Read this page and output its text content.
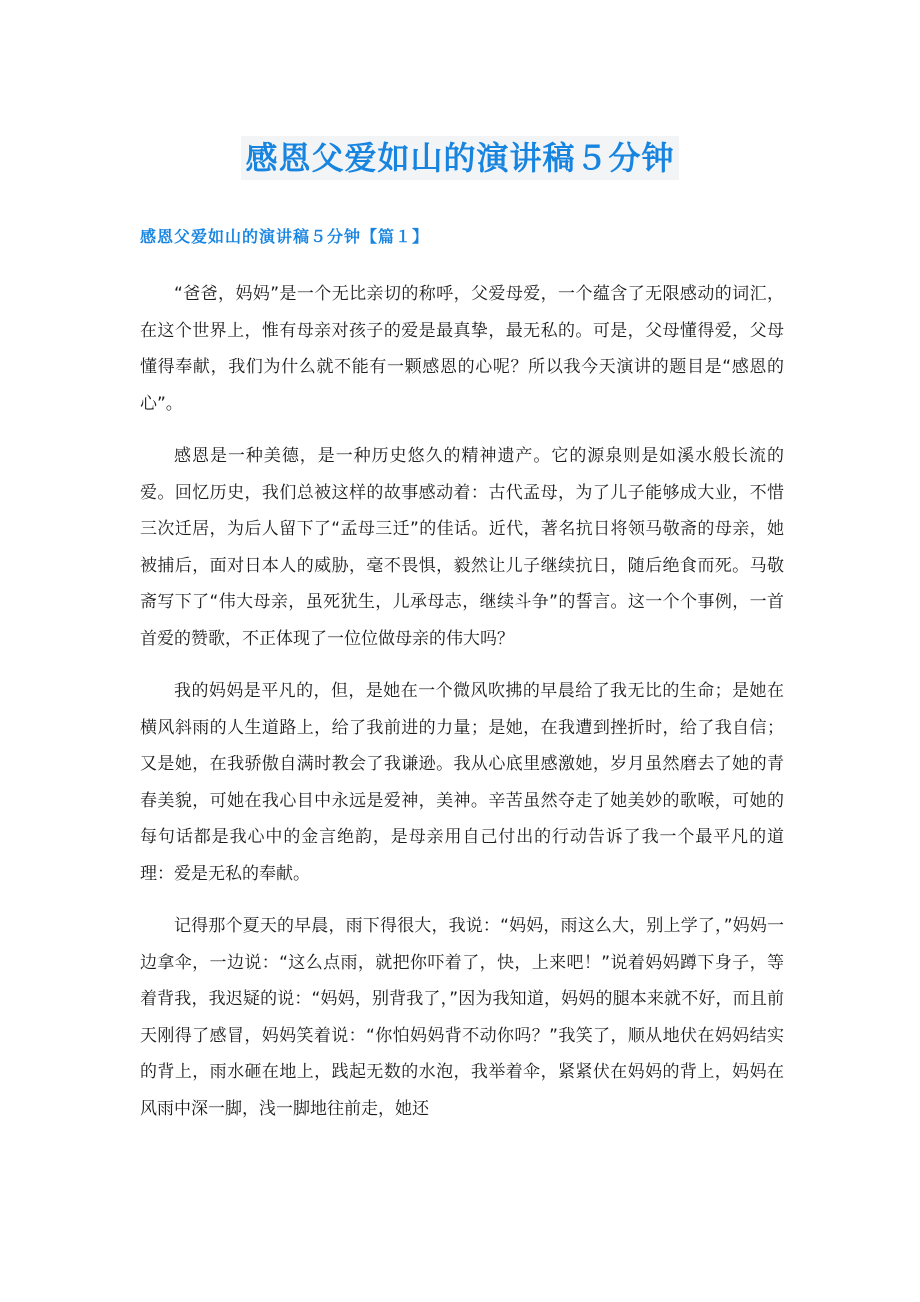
感恩父爱如山的演讲稿５分钟
感恩父爱如山的演讲稿５分钟【篇１】

“爸爸，妈妈”是一个无比亲切的称呼，父爱母爱，一个蕴含了无限感动的词汇，在这个世界上，惟有母亲对孩子的爱是最真挚，最无私的。可是，父母懂得爱，父母懂得奉献，我们为什么就不能有一颗感恩的心呢？所以我今天演讲的题目是“感恩的心”。

感恩是一种美德，是一种历史悠久的精神遗产。它的源泉则是如溪水般长流的爱。回忆历史，我们总被这样的故事感动着：古代孟母，为了儿子能够成大业，不惜三次迁居，为后人留下了“孟母三迁”的佳话。近代，著名抗日将领马敬斋的母亲，她被捕后，面对日本人的威胁，毫不畏惧，毅然让儿子继续抗日，随后绝食而死。马敬斋写下了“伟大母亲，虽死犹生，儿承母志，继续斗争”的誓言。这一个个事例，一首首爱的赞歌，不正体现了一位位做母亲的伟大吗？

我的妈妈是平凡的，但，是她在一个微风吹拂的早晨给了我无比的生命；是她在横风斜雨的人生道路上，给了我前进的力量；是她，在我遭到挫折时，给了我自信；又是她，在我骄傲自满时教会了我谦逊。我从心底里感激她，岁月虽然磨去了她的青春美貌，可她在我心目中永远是爱神，美神。辛苦虽然夺走了她美妙的歌喉，可她的每句话都是我心中的金言绝韵，是母亲用自己付出的行动告诉了我一个最平凡的道理：爱是无私的奉献。

记得那个夏天的早晨，雨下得很大，我说：“妈妈，雨这么大，别上学了，”妈妈一边拿伞，一边说：“这么点雨，就把你吓着了，快，上来吧！”说着妈妈蹲下身子，等着背我，我迟疑的说：“妈妈，别背我了，”因为我知道，妈妈的腿本来就不好，而且前天刚得了感冒，妈妈笑着说：“你怕妈妈背不动你吗？”我笑了，顺从地伏在妈妈结实的背上，雨水砸在地上，践起无数的水泡，我举着伞，紧紧伏在妈妈的背上，妈妈在风雨中深一脚，浅一脚地往前走，她还
